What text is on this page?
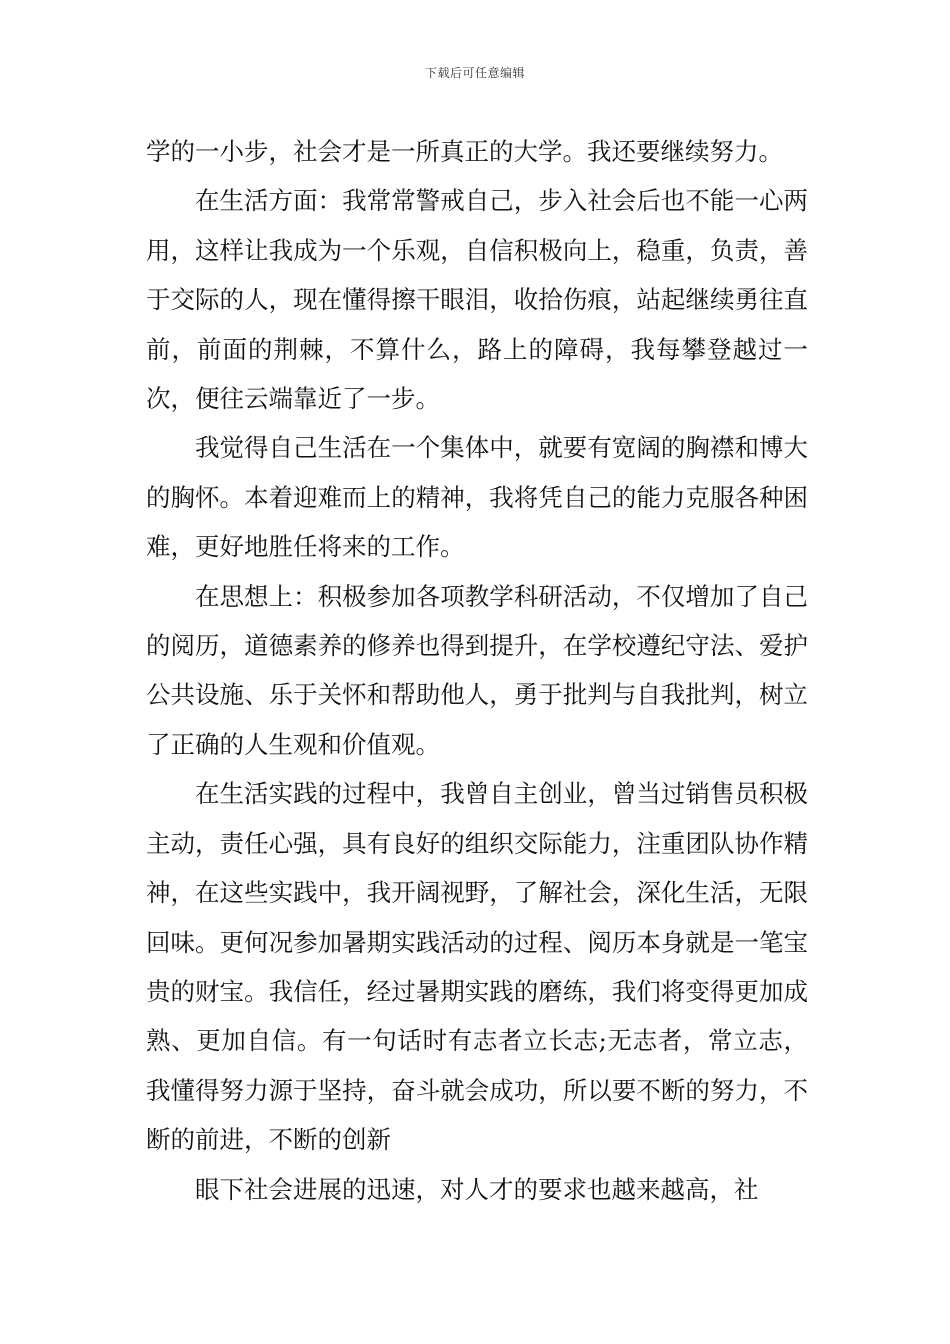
下载后可任意编辑

学的一小步，社会才是一所真正的大学。我还要继续努力。

在生活方面：我常常警戒自己，步入社会后也不能一心两用，这样让我成为一个乐观，自信积极向上，稳重，负责，善于交际的人，现在懂得擦干眼泪，收拾伤痕，站起继续勇往直前，前面的荆棘，不算什么，路上的障碍，我每攀登越过一次，便往云端靠近了一步。

我觉得自己生活在一个集体中，就要有宽阔的胸襟和博大的胸怀。本着迎难而上的精神，我将凭自己的能力克服各种困难，更好地胜任将来的工作。

在思想上：积极参加各项教学科研活动，不仅增加了自己的阅历，道德素养的修养也得到提升，在学校遵纪守法、爱护公共设施、乐于关怀和帮助他人，勇于批判与自我批判，树立了正确的人生观和价值观。

在生活实践的过程中，我曾自主创业，曾当过销售员积极主动，责任心强，具有良好的组织交际能力，注重团队协作精神，在这些实践中，我开阔视野，了解社会，深化生活，无限回味。更何况参加暑期实践活动的过程、阅历本身就是一笔宝贵的财宝。我信任，经过暑期实践的磨练，我们将变得更加成熟、更加自信。有一句话时有志者立长志;无志者，常立志，我懂得努力源于坚持，奋斗就会成功，所以要不断的努力，不断的前进，不断的创新

眼下社会进展的迅速，对人才的要求也越来越高，社
